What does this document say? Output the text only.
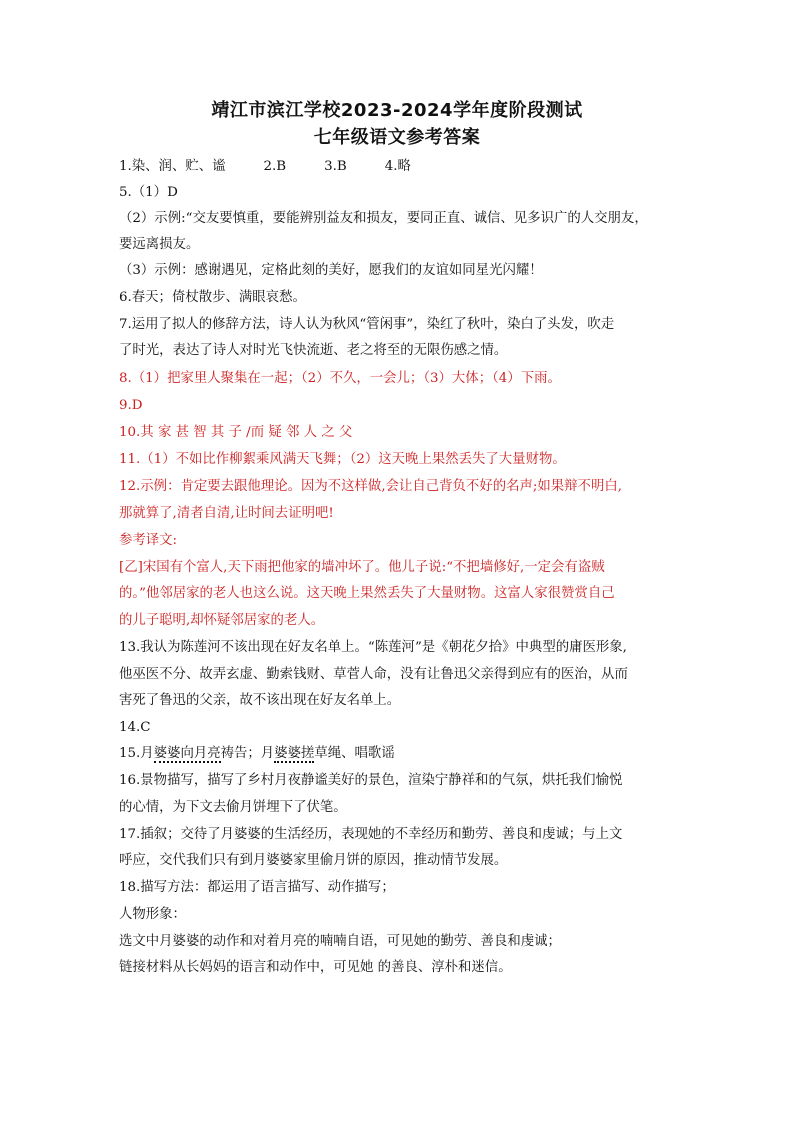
靖江市滨江学校2023-2024学年度阶段测试
七年级语文参考答案
1.染、润、贮、谧	2.B	3.B	4.略
5.（1）D
（2）示例:“交友要慎重，要能辨别益友和损友，要同正直、诚信、见多识广的人交朋友，
要远离损友。
（3）示例：感谢遇见，定格此刻的美好，愿我们的友谊如同星光闪耀！
6.春天；倚杖散步、满眼哀愁。
7.运用了拟人的修辞方法，诗人认为秋风“管闲事”，染红了秋叶，染白了头发，吹走
了时光，表达了诗人对时光飞快流逝、老之将至的无限伤感之情。
8.（1）把家里人聚集在一起；（2）不久，一会儿；（3）大体；（4）下雨。
9.D
10.其 家 甚 智 其 子 /而 疑 邻 人 之 父
11.（1）不如比作柳絮乘风满天飞舞；（2）这天晚上果然丢失了大量财物。
12.示例：肯定要去跟他理论。因为不这样做,会让自己背负不好的名声;如果辩不明白,
那就算了,清者自清,让时间去证明吧!
参考译文:
[乙]宋国有个富人,天下雨把他家的墙冲坏了。他儿子说:“不把墙修好,一定会有盗贼
的。”他邻居家的老人也这么说。这天晚上果然丢失了大量财物。这富人家很赞赏自己
的儿子聪明,却怀疑邻居家的老人。
13.我认为陈莲河不该出现在好友名单上。“陈莲河”是《朝花夕拾》中典型的庸医形象,
他巫医不分、故弄玄虚、勤索钱财、草菅人命，没有让鲁迅父亲得到应有的医治，从而
害死了鲁迅的父亲，故不该出现在好友名单上。
14.C
15.月婆婆向月亮祷告；月婆婆搓草绳、唱歌谣
16.景物描写，描写了乡村月夜静谧美好的景色，渲染宁静祥和的气氛，烘托我们愉悦
的心情，为下文去偷月饼埋下了伏笔。
17.插叙；交待了月婆婆的生活经历，表现她的不幸经历和勤劳、善良和虔诚；与上文
呼应，交代我们只有到月婆婆家里偷月饼的原因，推动情节发展。
18.描写方法：都运用了语言描写、动作描写；
人物形象：
选文中月婆婆的动作和对着月亮的喃喃自语，可见她的勤劳、善良和虔诚；
链接材料从长妈妈的语言和动作中，可见她 的善良、淳朴和迷信。
